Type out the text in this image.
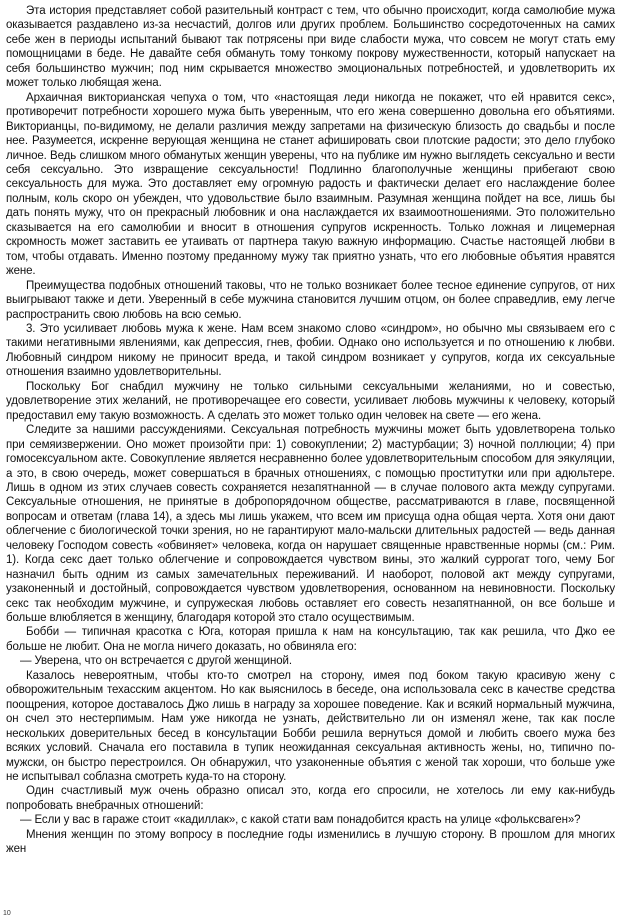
Эта история представляет собой разительный контраст с тем, что обычно происходит, когда самолюбие мужа оказывается раздавлено из-за несчастий, долгов или других проблем. Большинство сосредоточенных на самих себе жен в периоды испытаний бывают так потрясены при виде слабости мужа, что совсем не могут стать ему помощницами в беде. Не давайте себя обмануть тому тонкому покрову мужественности, который напускает на себя большинство мужчин; под ним скрывается множество эмоциональных потребностей, и удовлетворить их может только любящая жена.

Архаичная викторианская чепуха о том, что «настоящая леди никогда не покажет, что ей нравится секс», противоречит потребности хорошего мужа быть уверенным, что его жена совершенно довольна его объятиями. Викторианцы, по-видимому, не делали различия между запретами на физическую близость до свадьбы и после нее. Разумеется, искренне верующая женщина не станет афишировать свои плотские радости; это дело глубоко личное. Ведь слишком много обманутых женщин уверены, что на публике им нужно выглядеть сексуально и вести себя сексуально. Это извращение сексуальности! Подлинно благополучные женщины прибегают свою сексуальность для мужа. Это доставляет ему огромную радость и фактически делает его наслаждение более полным, коль скоро он убежден, что удовольствие было взаимным. Разумная женщина пойдет на все, лишь бы дать понять мужу, что он прекрасный любовник и она наслаждается их взаимоотношениями. Это положительно сказывается на его самолюбии и вносит в отношения супругов искренность. Только ложная и лицемерная скромность может заставить ее утаивать от партнера такую важную информацию. Счастье настоящей любви в том, чтобы отдавать. Именно поэтому преданному мужу так приятно узнать, что его любовные объятия нравятся жене.

Преимущества подобных отношений таковы, что не только возникает более тесное единение супругов, от них выигрывают также и дети. Уверенный в себе мужчина становится лучшим отцом, он более справедлив, ему легче распространить свою любовь на всю семью.

3. Это усиливает любовь мужа к жене. Нам всем знакомо слово «синдром», но обычно мы связываем его с такими негативными явлениями, как депрессия, гнев, фобии. Однако оно используется и по отношению к любви. Любовный синдром никому не приносит вреда, и такой синдром возникает у супругов, когда их сексуальные отношения взаимно удовлетворительны.

Поскольку Бог снабдил мужчину не только сильными сексуальными желаниями, но и совестью, удовлетворение этих желаний, не противоречащее его совести, усиливает любовь мужчины к человеку, который предоставил ему такую возможность. А сделать это может только один человек на свете — его жена.

Следите за нашими рассуждениями. Сексуальная потребность мужчины может быть удовлетворена только при семяизвержении. Оно может произойти при: 1) совокуплении; 2) мастурбации; 3) ночной поллюции; 4) при гомосексуальном акте. Совокупление является несравненно более удовлетворительным способом для эякуляции, а это, в свою очередь, может совершаться в брачных отношениях, с помощью проститутки или при адюльтере. Лишь в одном из этих случаев совесть сохраняется незапятнанной — в случае полового акта между супругами. Сексуальные отношения, не принятые в добропорядочном обществе, рассматриваются в главе, посвященной вопросам и ответам (глава 14), а здесь мы лишь укажем, что всем им присуща одна общая черта. Хотя они дают облегчение с биологической точки зрения, но не гарантируют мало-мальски длительных радостей — ведь данная человеку Господом совесть «обвиняет» человека, когда он нарушает священные нравственные нормы (см.: Рим. 1). Когда секс дает только облегчение и сопровождается чувством вины, это жалкий суррогат того, чему Бог назначил быть одним из самых замечательных переживаний. И наоборот, половой акт между супругами, узаконенный и достойный, сопровождается чувством удовлетворения, основанном на невиновности. Поскольку секс так необходим мужчине, и супружеская любовь оставляет его совесть незапятнанной, он все больше и больше влюбляется в женщину, благодаря которой это стало осуществимым.

Бобби — типичная красотка с Юга, которая пришла к нам на консультацию, так как решила, что Джо ее больше не любит. Она не могла ничего доказать, но обвиняла его:

— Уверена, что он встречается с другой женщиной.

Казалось невероятным, чтобы кто-то смотрел на сторону, имея под боком такую красивую жену с обворожительным техасским акцентом. Но как выяснилось в беседе, она использовала секс в качестве средства поощрения, которое доставалось Джо лишь в награду за хорошее поведение. Как и всякий нормальный мужчина, он счел это нестерпимым. Нам уже никогда не узнать, действительно ли он изменял жене, так как после нескольких доверительных бесед в консультации Бобби решила вернуться домой и любить своего мужа без всяких условий. Сначала его поставила в тупик неожиданная сексуальная активность жены, но, типично по-мужски, он быстро перестроился. Он обнаружил, что узаконенные объятия с женой так хороши, что больше уже не испытывал соблазна смотреть куда-то на сторону.

Один счастливый муж очень образно описал это, когда его спросили, не хотелось ли ему как-нибудь попробовать внебрачных отношений:

— Если у вас в гараже стоит «кадиллак», с какой стати вам понадобится красть на улице «фольксваген»?

Мнения женщин по этому вопросу в последние годы изменились в лучшую сторону. В прошлом для многих жен

10
